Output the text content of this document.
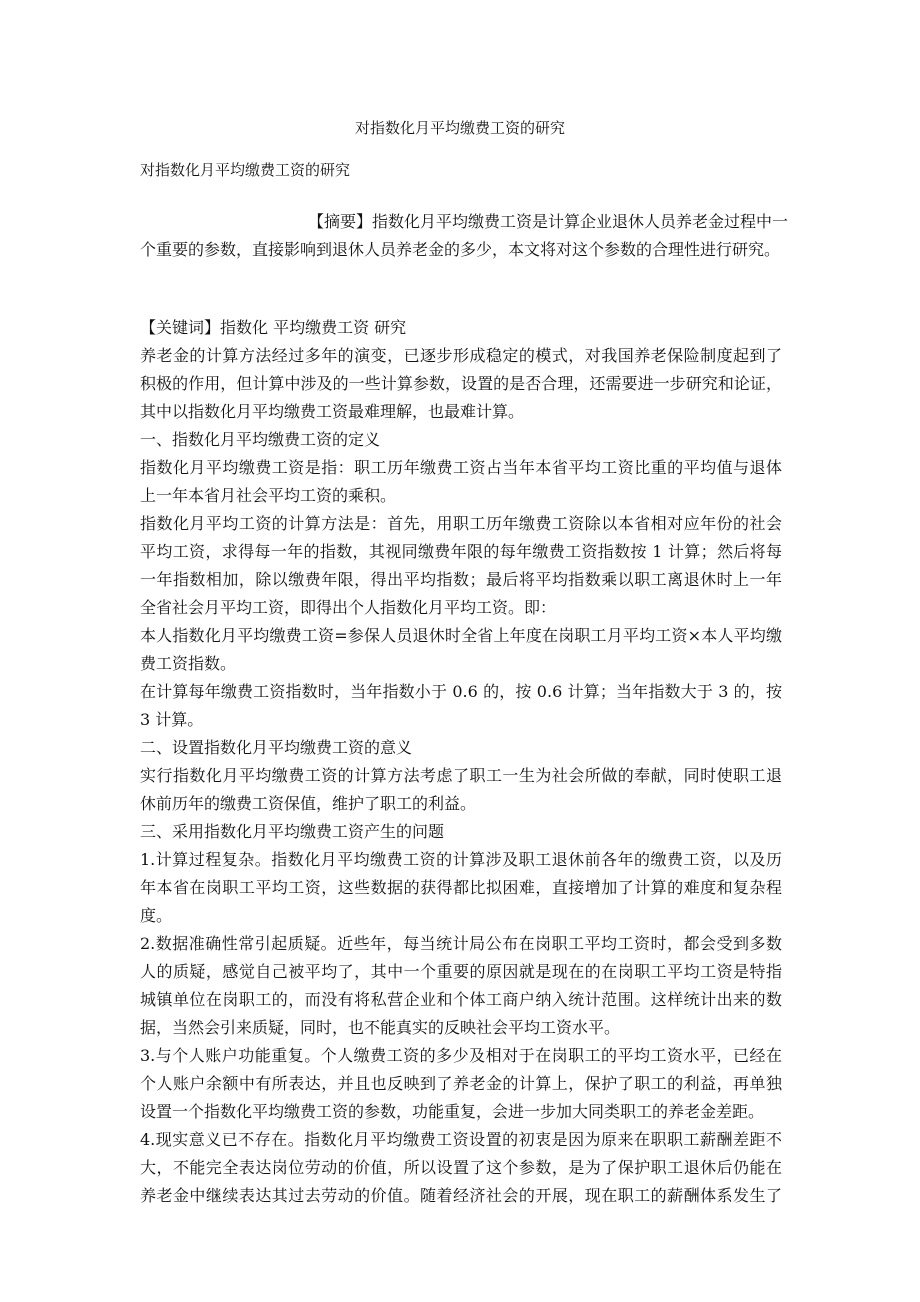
对指数化月平均缴费工资的研究
对指数化月平均缴费工资的研究
　　　　　　　　　　　【摘要】指数化月平均缴费工资是计算企业退休人员养老金过程中一
个重要的参数，直接影响到退休人员养老金的多少，本文将对这个参数的合理性进行研究。
【关键词】指数化 平均缴费工资 研究
养老金的计算方法经过多年的演变，已逐步形成稳定的模式，对我国养老保险制度起到了
积极的作用，但计算中涉及的一些计算参数，设置的是否合理，还需要进一步研究和论证，
其中以指数化月平均缴费工资最难理解，也最难计算。
一、指数化月平均缴费工资的定义
指数化月平均缴费工资是指：职工历年缴费工资占当年本省平均工资比重的平均值与退体
上一年本省月社会平均工资的乘积。
指数化月平均工资的计算方法是：首先，用职工历年缴费工资除以本省相对应年份的社会
平均工资，求得每一年的指数，其视同缴费年限的每年缴费工资指数按 1 计算；然后将每
一年指数相加，除以缴费年限，得出平均指数；最后将平均指数乘以职工离退休时上一年
全省社会月平均工资，即得出个人指数化月平均工资。即：
本人指数化月平均缴费工资=参保人员退休时全省上年度在岗职工月平均工资×本人平均缴
费工资指数。
在计算每年缴费工资指数时，当年指数小于 0.6 的，按 0.6 计算；当年指数大于 3 的，按
3 计算。
二、设置指数化月平均缴费工资的意义
实行指数化月平均缴费工资的计算方法考虑了职工一生为社会所做的奉献，同时使职工退
休前历年的缴费工资保值，维护了职工的利益。
三、采用指数化月平均缴费工资产生的问题
1.计算过程复杂。指数化月平均缴费工资的计算涉及职工退休前各年的缴费工资，以及历
年本省在岗职工平均工资，这些数据的获得都比拟困难，直接增加了计算的难度和复杂程
度。
2.数据准确性常引起质疑。近些年，每当统计局公布在岗职工平均工资时，都会受到多数
人的质疑，感觉自己被平均了，其中一个重要的原因就是现在的在岗职工平均工资是特指
城镇单位在岗职工的，而没有将私营企业和个体工商户纳入统计范围。这样统计出来的数
据，当然会引来质疑，同时，也不能真实的反映社会平均工资水平。
3.与个人账户功能重复。个人缴费工资的多少及相对于在岗职工的平均工资水平，已经在
个人账户余额中有所表达，并且也反映到了养老金的计算上，保护了职工的利益，再单独
设置一个指数化平均缴费工资的参数，功能重复，会进一步加大同类职工的养老金差距。
4.现实意义已不存在。指数化月平均缴费工资设置的初衷是因为原来在职职工薪酬差距不
大，不能完全表达岗位劳动的价值，所以设置了这个参数，是为了保护职工退休后仍能在
养老金中继续表达其过去劳动的价值。随着经济社会的开展，现在职工的薪酬体系发生了
